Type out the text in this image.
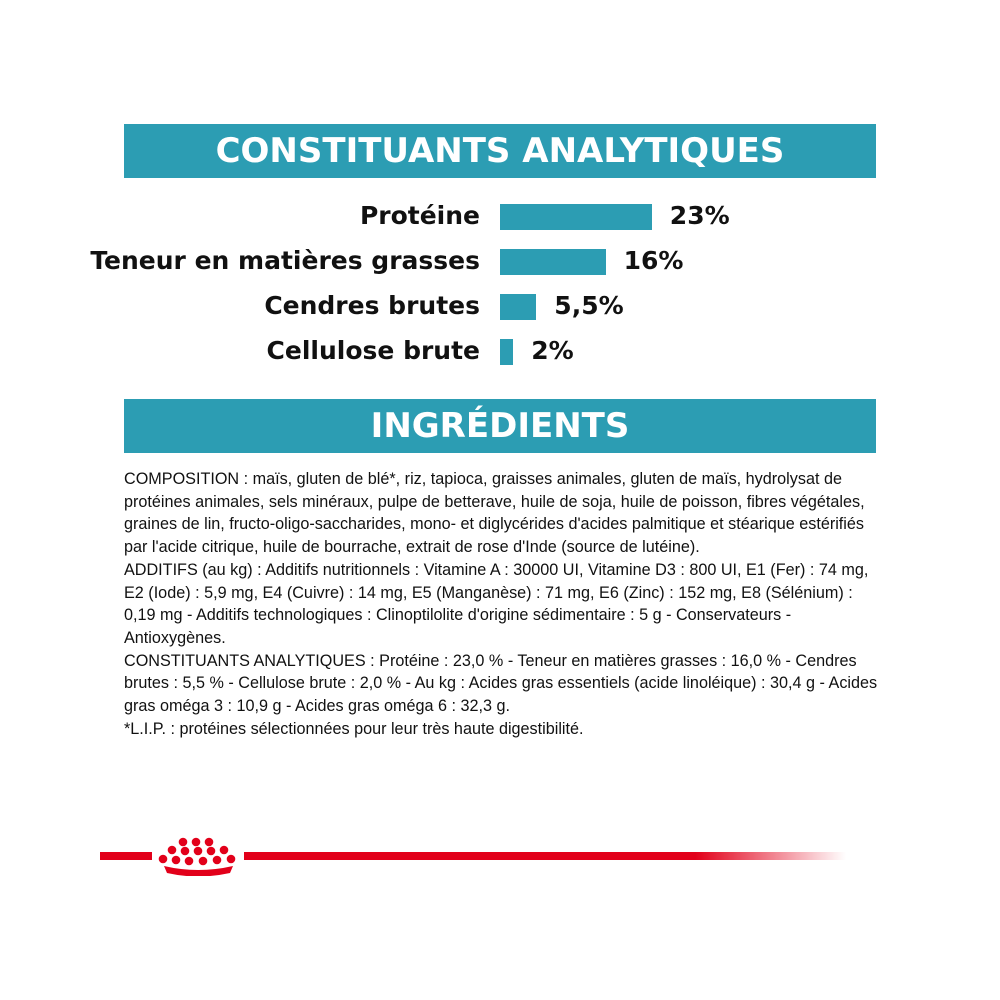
CONSTITUANTS ANALYTIQUES
Protéine	23%
Teneur en matières grasses	16%
Cendres brutes	5,5%
Cellulose brute 2%
INGRÉDIENTS

COMPOSITION : maïs, gluten de blé*, riz, tapioca, graisses animales, gluten de maïs, hydrolysat de protéines animales, sels minéraux, pulpe de betterave, huile de soja, huile de poisson, fibres végétales, graines de lin, fructo-oligo-saccharides, mono- et diglycérides d'acides palmitique et stéarique estérifiés par l'acide citrique, huile de bourrache, extrait de rose d'Inde (source de lutéine).

ADDITIFS (au kg) : Additifs nutritionnels : Vitamine A : 30000 UI, Vitamine D3 : 800 UI, E1 (Fer) : 74 mg, E2 (Iode) : 5,9 mg, E4 (Cuivre) : 14 mg, E5 (Manganèse) : 71 mg, E6 (Zinc) : 152 mg, E8 (Sélénium) : 0,19 mg - Additifs technologiques : Clinoptilolite d'origine sédimentaire : 5 g - Conservateurs - Antioxygènes.

CONSTITUANTS ANALYTIQUES : Protéine : 23,0 % - Teneur en matières grasses : 16,0 % - Cendres brutes : 5,5 % - Cellulose brute : 2,0 % - Au kg : Acides gras essentiels (acide linoléique) : 30,4 g - Acides gras oméga 3 : 10,9 g - Acides gras oméga 6 : 32,3 g.

*L.I.P. : protéines sélectionnées pour leur très haute digestibilité.
